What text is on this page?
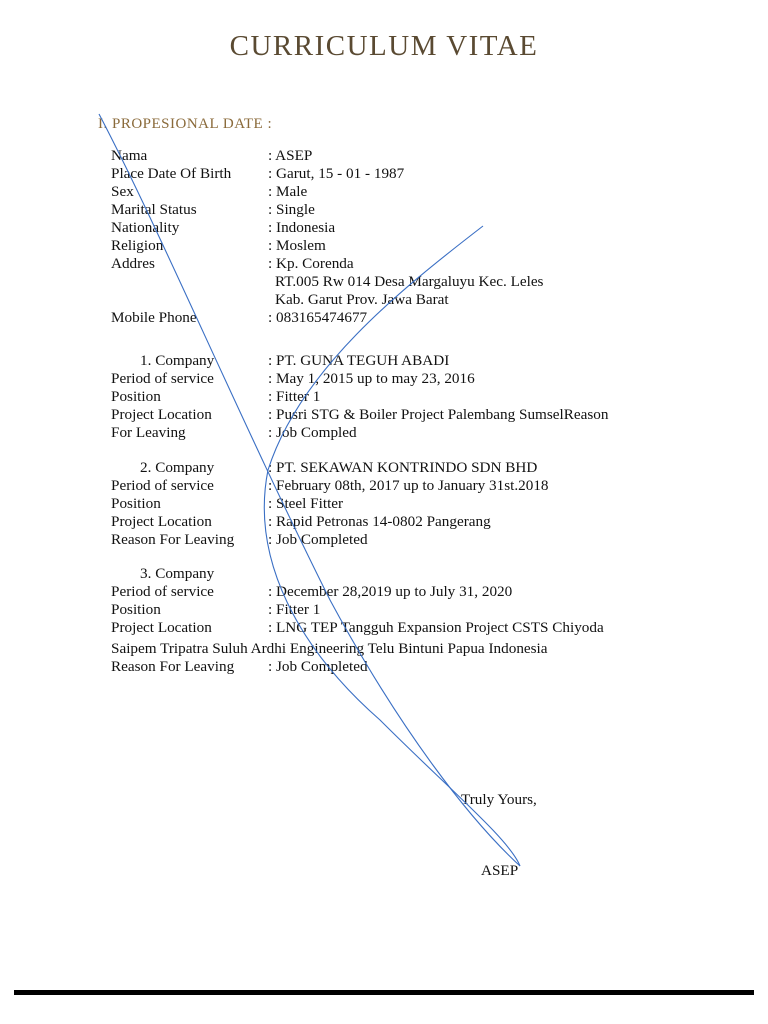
CURRICULUM VITAE
I. PROPESIONAL DATE :
Nama	: ASEP
Place Date Of Birth : Garut, 15 - 01 - 1987
Sex	: Male
Marital Status	: Single
Nationality	: Indonesia
Religion	: Moslem
Addres	: Kp. Corenda
RT.005 Rw 014 Desa Margaluyu Kec. Leles
Kab. Garut Prov. Jawa Barat
Mobile Phone	: 083165474677
1. Company	: PT. GUNA TEGUH ABADI
Period of service	: May 1, 2015 up to may 23, 2016
Position	: Fitter 1
Project Location	: Pusri STG & Boiler Project Palembang SumselReason
For Leaving	: Job Compled
2. Company	: PT. SEKAWAN KONTRINDO SDN BHD
Period of service	: February 08th, 2017 up to January 31st.2018
Position	: Steel Fitter
Project Location	: Rapid Petronas 14-0802 Pangerang
Reason For Leaving : Job Completed
3. Company
Period of service	: December 28,2019 up to July 31, 2020
Position	: Fitter 1
Project Location	: LNG TEP Tangguh Expansion Project CSTS Chiyoda
Saipem Tripatra Suluh Ardhi Engineering Telu Bintuni Papua Indonesia
Reason For Leaving : Job Completed
Truly Yours,
ASEP
